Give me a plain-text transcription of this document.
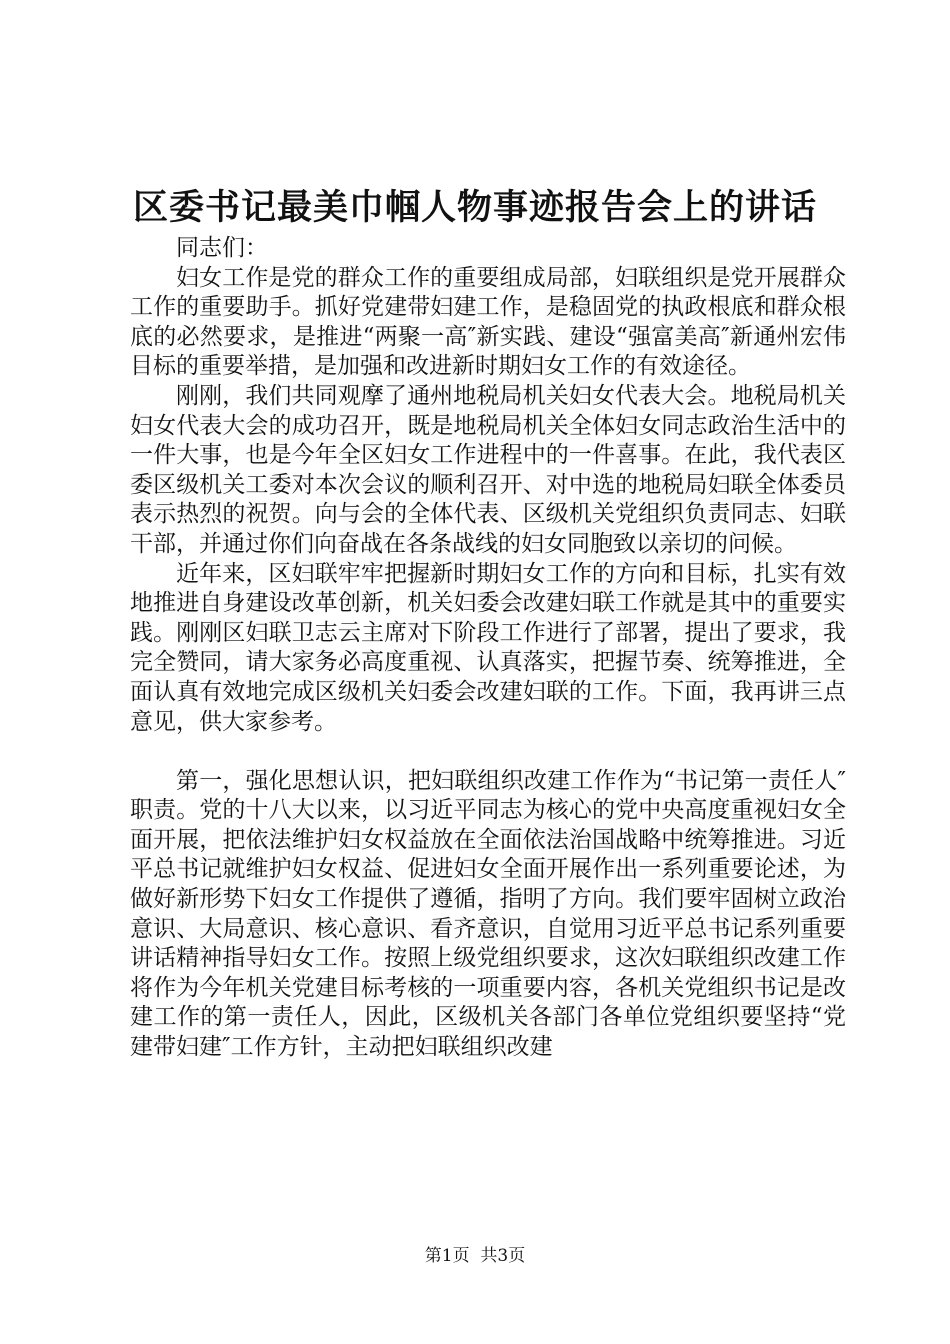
区委书记最美巾帼人物事迹报告会上的讲话

同志们：

妇女工作是党的群众工作的重要组成局部，妇联组织是党开展群众工作的重要助手。抓好党建带妇建工作，是稳固党的执政根底和群众根底的必然要求，是推进“两聚一高″新实践、建设“强富美高″新通州宏伟目标的重要举措，是加强和改进新时期妇女工作的有效途径。

刚刚，我们共同观摩了通州地税局机关妇女代表大会。地税局机关妇女代表大会的成功召开，既是地税局机关全体妇女同志政治生活中的一件大事，也是今年全区妇女工作进程中的一件喜事。在此，我代表区委区级机关工委对本次会议的顺利召开、对中选的地税局妇联全体委员表示热烈的祝贺。向与会的全体代表、区级机关党组织负责同志、妇联干部，并通过你们向奋战在各条战线的妇女同胞致以亲切的问候。

近年来，区妇联牢牢把握新时期妇女工作的方向和目标，扎实有效地推进自身建设改革创新，机关妇委会改建妇联工作就是其中的重要实践。刚刚区妇联卫志云主席对下阶段工作进行了部署，提出了要求，我完全赞同，请大家务必高度重视、认真落实，把握节奏、统筹推进，全面认真有效地完成区级机关妇委会改建妇联的工作。下面，我再讲三点意见，供大家参考。

第一，强化思想认识，把妇联组织改建工作作为“书记第一责任人″职责。党的十八大以来，以习近平同志为核心的党中央高度重视妇女全面开展，把依法维护妇女权益放在全面依法治国战略中统筹推进。习近平总书记就维护妇女权益、促进妇女全面开展作出一系列重要论述，为做好新形势下妇女工作提供了遵循，指明了方向。我们要牢固树立政治意识、大局意识、核心意识、看齐意识，自觉用习近平总书记系列重要讲话精神指导妇女工作。按照上级党组织要求，这次妇联组织改建工作将作为今年机关党建目标考核的一项重要内容，各机关党组织书记是改建工作的第一责任人，因此，区级机关各部门各单位党组织要坚持“党建带妇建″工作方针，主动把妇联组织改建

第1页 共3页
